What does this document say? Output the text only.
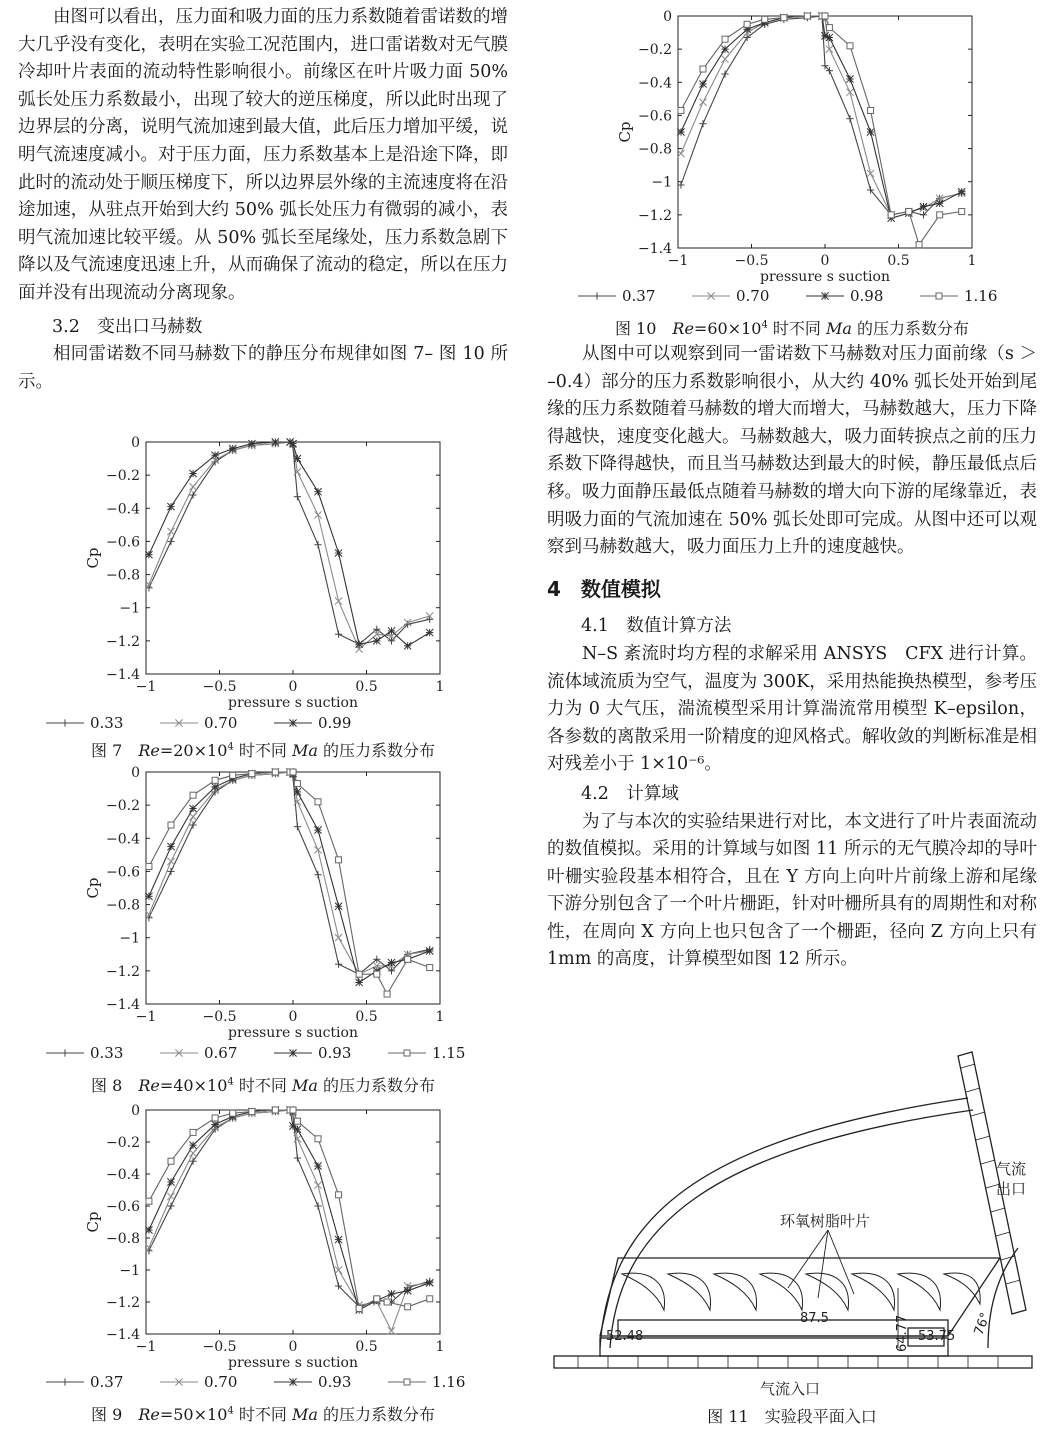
由图可以看出，压力面和吸力面的压力系数随着雷诺数的增大几乎没有变化，表明在实验工况范围内，进口雷诺数对无气膜冷却叶片表面的流动特性影响很小。前缘区在叶片吸力面 50% 弧长处压力系数最小，出现了较大的逆压梯度，所以此时出现了边界层的分离，说明气流加速到最大值，此后压力增加平缓，说明气流速度减小。对于压力面，压力系数基本上是沿途下降，即此时的流动处于顺压梯度下，所以边界层外缘的主流速度将在沿途加速，从驻点开始到大约 50% 弧长处压力有微弱的减小，表明气流加速比较平缓。从 50% 弧长至尾缘处，压力系数急剧下降以及气流速度迅速上升，从而确保了流动的稳定，所以在压力面并没有出现流动分离现象。

3.2　变出口马赫数

相同雷诺数不同马赫数下的静压分布规律如图 7– 图 10 所示。

0
−0.2
−0.4
−0.6
−0.8
−1
−1.2
−1.4
−1	−0.5	0	0.5	1
pressure s suction
Cp
0.33	0.70	0.99
图 7　$Re=20\times 10^4$ 时不同 Ma 的压力系数分布
0
−0.2
−0.4
−0.6
−0.8
−1
−1.2
−1.4
−1	−0.5	0	0.5	1
pressure s suction
Cp
0.33	0.67	0.93	1.15
图 8　$Re=40\times 10^4$ 时不同 Ma 的压力系数分布
0
−0.2
−0.4
−0.6
−0.8
−1
−1.2
−1.4
−1	−0.5	0	0.5	1
pressure s suction
Cp
0.37	0.70	0.93	1.16
图 9　$Re=50\times 10^4$ 时不同 Ma 的压力系数分布
0
−0.2
−0.4
−0.6
−0.8
−1
−1.2
−1.4
−1	−0.5	0	0.5	1
pressure s suction
Cp
0.37	0.70	0.98	1.16
图 10　$Re=60\times 10^4$ 时不同 Ma 的压力系数分布

从图中可以观察到同一雷诺数下马赫数对压力面前缘（s ＞ –0.4）部分的压力系数影响很小，从大约 40% 弧长处开始到尾缘的压力系数随着马赫数的增大而增大，马赫数越大，压力下降得越快，速度变化越大。马赫数越大，吸力面转捩点之前的压力系数下降得越快，而且当马赫数达到最大的时候，静压最低点后移。吸力面静压最低点随着马赫数的增大向下游的尾缘靠近，表明吸力面的气流加速在 50% 弧长处即可完成。从图中还可以观察到马赫数越大，吸力面压力上升的速度越快。

4　数值模拟
4.1　数值计算方法

N–S 紊流时均方程的求解采用 ANSYS　CFX 进行计算。流体域流质为空气，温度为 300K，采用热能换热模型，参考压力为 0 大气压，湍流模型采用计算湍流常用模型 K–epsilon，各参数的离散采用一阶精度的迎风格式。解收敛的判断标准是相对残差小于 1×10⁻⁶。

4.2　计算域

为了与本次的实验结果进行对比，本文进行了叶片表面流动的数值模拟。采用的计算域与如图 11 所示的无气膜冷却的导叶叶栅实验段基本相符合，且在 Y 方向上向叶片前缘上游和尾缘下游分别包含了一个叶片栅距，针对叶栅所具有的周期性和对称性，在周向 X 方向上也只包含了一个栅距，径向 Z 方向上只有 1mm 的高度，计算模型如图 12 所示。

环氧树脂叶片
气流
出口
气流入口
52.48
87.5	64.77 53.75 76°
图 11　实验段平面入口
